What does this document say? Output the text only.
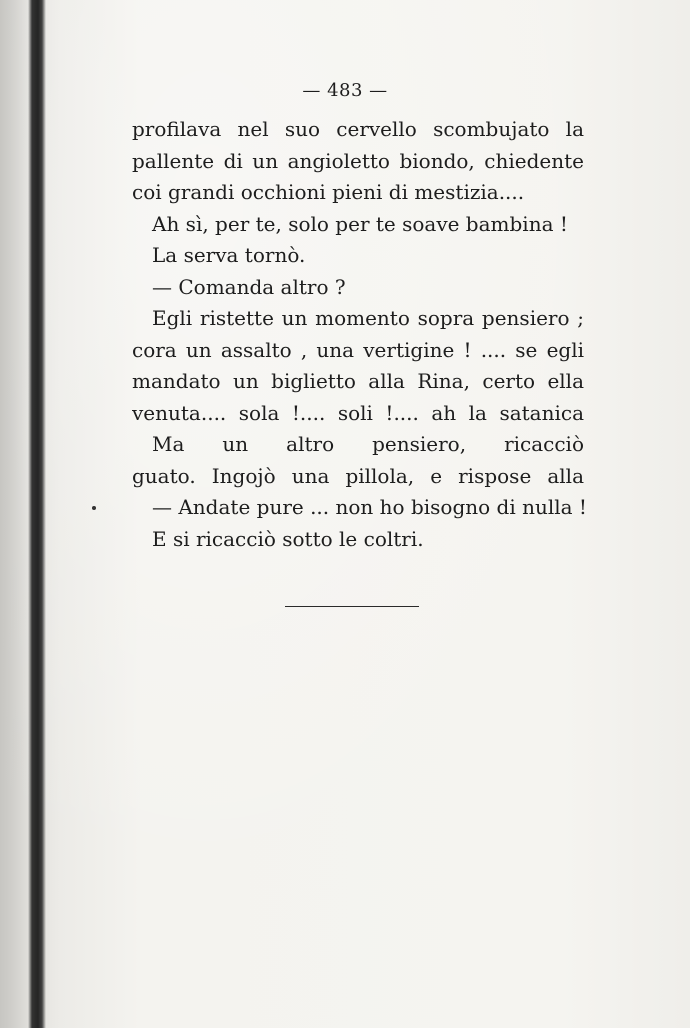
— 483 —
profilava nel suo cervello scombujato la
pallente di un angioletto biondo, chiedente
coi grandi occhioni pieni di mestizia....
Ah sì, per te, solo per te soave bambina !
La serva tornò.
— Comanda altro ?
Egli ristette un momento sopra pensiero ;
cora un assalto , una vertigine ! .... se egli
mandato un biglietto alla Rina, certo ella
venuta.... sola !.... soli !.... ah la satanica
Ma un altro pensiero, ricacciò
guato. Ingojò una pillola, e rispose alla
— Andate pure ... non ho bisogno di nulla !
E si ricacciò sotto le coltri.
